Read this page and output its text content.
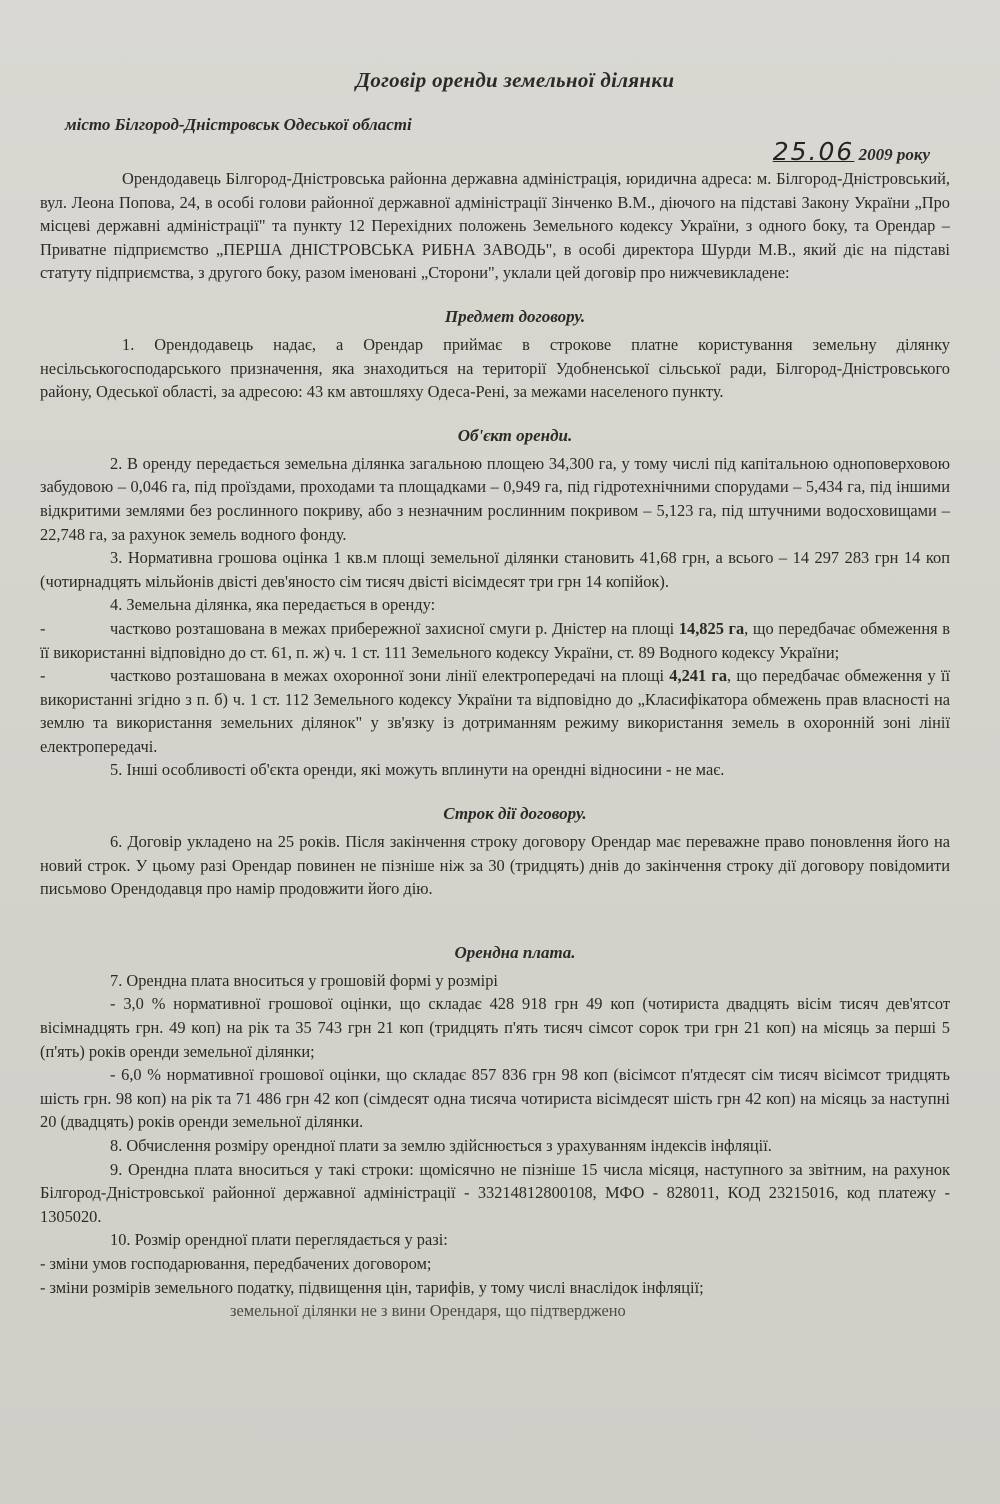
Договір оренди земельної ділянки
місто Білгород-Дністровськ Одеської області
25.06 2009 року

Орендодавець Білгород-Дністровська районна державна адміністрація, юридична адреса: м. Білгород-Дністровський, вул. Леона Попова, 24, в особі голови районної державної адміністрації Зінченко В.М., діючого на підставі Закону України „Про місцеві державні адміністрації" та пункту 12 Перехідних положень Земельного кодексу України, з одного боку, та Орендар – Приватне підприємство „ПЕРША ДНІСТРОВСЬКА РИБНА ЗАВОДЬ", в особі директора Шурди М.В., який діє на підставі статуту підприємства, з другого боку, разом іменовані „Сторони", уклали цей договір про нижчевикладене:

Предмет договору.

1. Орендодавець надає, а Орендар приймає в строкове платне користування земельну ділянку несільськогосподарського призначення, яка знаходиться на території Удобненської сільської ради, Білгород-Дністровського району, Одеської області, за адресою: 43 км автошляху Одеса-Рені, за межами населеного пункту.

Об'єкт оренди.

2. В оренду передається земельна ділянка загальною площею 34,300 га, у тому числі під капітальною одноповерховою забудовою – 0,046 га, під проїздами, проходами та площадками – 0,949 га, під гідротехнічними спорудами – 5,434 га, під іншими відкритими землями без рослинного покриву, або з незначним рослинним покривом – 5,123 га, під штучними водосховищами – 22,748 га, за рахунок земель водного фонду.

3. Нормативна грошова оцінка 1 кв.м площі земельної ділянки становить 41,68 грн, а всього – 14 297 283 грн 14 коп (чотирнадцять мільйонів двісті дев'яносто сім тисяч двісті вісімдесят три грн 14 копійок).

4. Земельна ділянка, яка передається в оренду:

-	частково розташована в межах прибережної захисної смуги р. Дністер на площі 14,825 га, що передбачає обмеження в її використанні відповідно до ст. 61, п. ж) ч. 1 ст. 111 Земельного кодексу України, ст. 89 Водного кодексу України;

-	частково розташована в межах охоронної зони лінії електропередачі на площі 4,241 га, що передбачає обмеження у її використанні згідно з п. б) ч. 1 ст. 112 Земельного кодексу України та відповідно до „Класифікатора обмежень прав власності на землю та використання земельних ділянок" у зв'язку із дотриманням режиму використання земель в охоронній зоні лінії електропередачі.

5. Інші особливості об'єкта оренди, які можуть вплинути на орендні відносини - не має.

Строк дії договору.

6. Договір укладено на 25 років. Після закінчення строку договору Орендар має переважне право поновлення його на новий строк. У цьому разі Орендар повинен не пізніше ніж за 30 (тридцять) днів до закінчення строку дії договору повідомити письмово Орендодавця про намір продовжити його дію.

Орендна плата.

7. Орендна плата вноситься у грошовій формі у розмірі

- 3,0 % нормативної грошової оцінки, що складає 428 918 грн 49 коп (чотириста двадцять вісім тисяч дев'ятсот вісімнадцять грн. 49 коп) на рік та 35 743 грн 21 коп (тридцять п'ять тисяч сімсот сорок три грн 21 коп) на місяць за перші 5 (п'ять) років оренди земельної ділянки;

- 6,0 % нормативної грошової оцінки, що складає 857 836 грн 98 коп (вісімсот п'ятдесят сім тисяч вісімсот тридцять шість грн. 98 коп) на рік та 71 486 грн 42 коп (сімдесят одна тисяча чотириста вісімдесят шість грн 42 коп) на місяць за наступні 20 (двадцять) років оренди земельної ділянки.

8. Обчислення розміру орендної плати за землю здійснюється з урахуванням індексів інфляції.

9. Орендна плата вноситься у такі строки: щомісячно не пізніше 15 числа місяця, наступного за звітним, на рахунок Білгород-Дністровської районної державної адміністрації - 33214812800108, МФО - 828011, КОД 23215016, код платежу - 1305020.

10. Розмір орендної плати переглядається у разі:

- зміни умов господарювання, передбачених договором;

- зміни розмірів земельного податку, підвищення цін, тарифів, у тому числі внаслідок інфляції;

земельної ділянки не з вини Орендаря, що підтверджено
